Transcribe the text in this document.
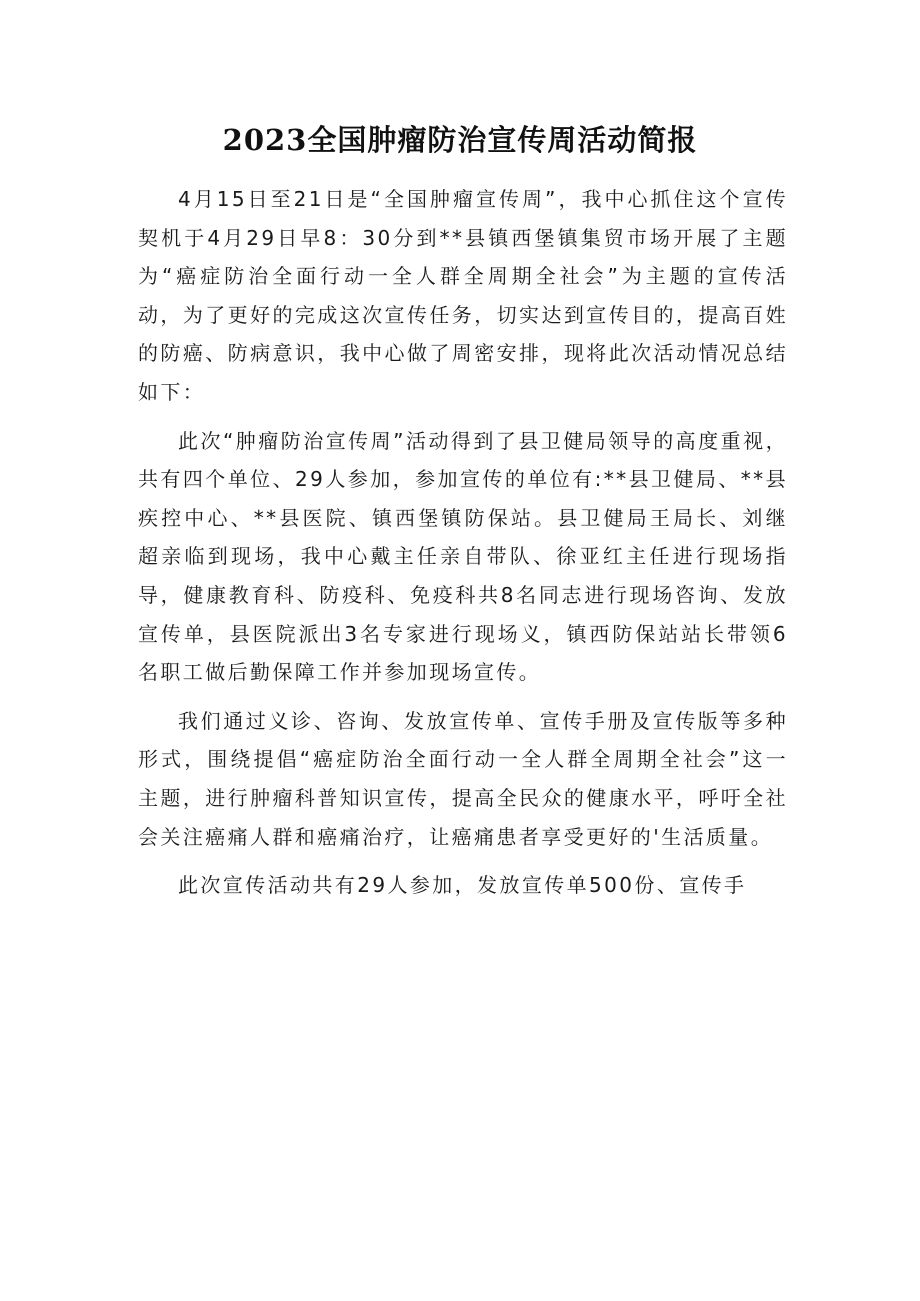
2023全国肿瘤防治宣传周活动简报

4月15日至21日是“全国肿瘤宣传周”，我中心抓住这个宣传契机于4月29日早8：30分到**县镇西堡镇集贸市场开展了主题为“癌症防治全面行动一全人群全周期全社会”为主题的宣传活动，为了更好的完成这次宣传任务，切实达到宣传目的，提高百姓的防癌、防病意识，我中心做了周密安排，现将此次活动情况总结如下：

此次“肿瘤防治宣传周”活动得到了县卫健局领导的高度重视，共有四个单位、29人参加，参加宣传的单位有:**县卫健局、**县疾控中心、**县医院、镇西堡镇防保站。县卫健局王局长、刘继超亲临到现场，我中心戴主任亲自带队、徐亚红主任进行现场指导，健康教育科、防疫科、免疫科共8名同志进行现场咨询、发放宣传单，县医院派出3名专家进行现场义，镇西防保站站长带领6名职工做后勤保障工作并参加现场宣传。

我们通过义诊、咨询、发放宣传单、宣传手册及宣传版等多种形式，围绕提倡“癌症防治全面行动一全人群全周期全社会”这一主题，进行肿瘤科普知识宣传，提高全民众的健康水平，呼吁全社会关注癌痛人群和癌痛治疗，让癌痛患者享受更好的'生活质量。

此次宣传活动共有29人参加，发放宣传单500份、宣传手
